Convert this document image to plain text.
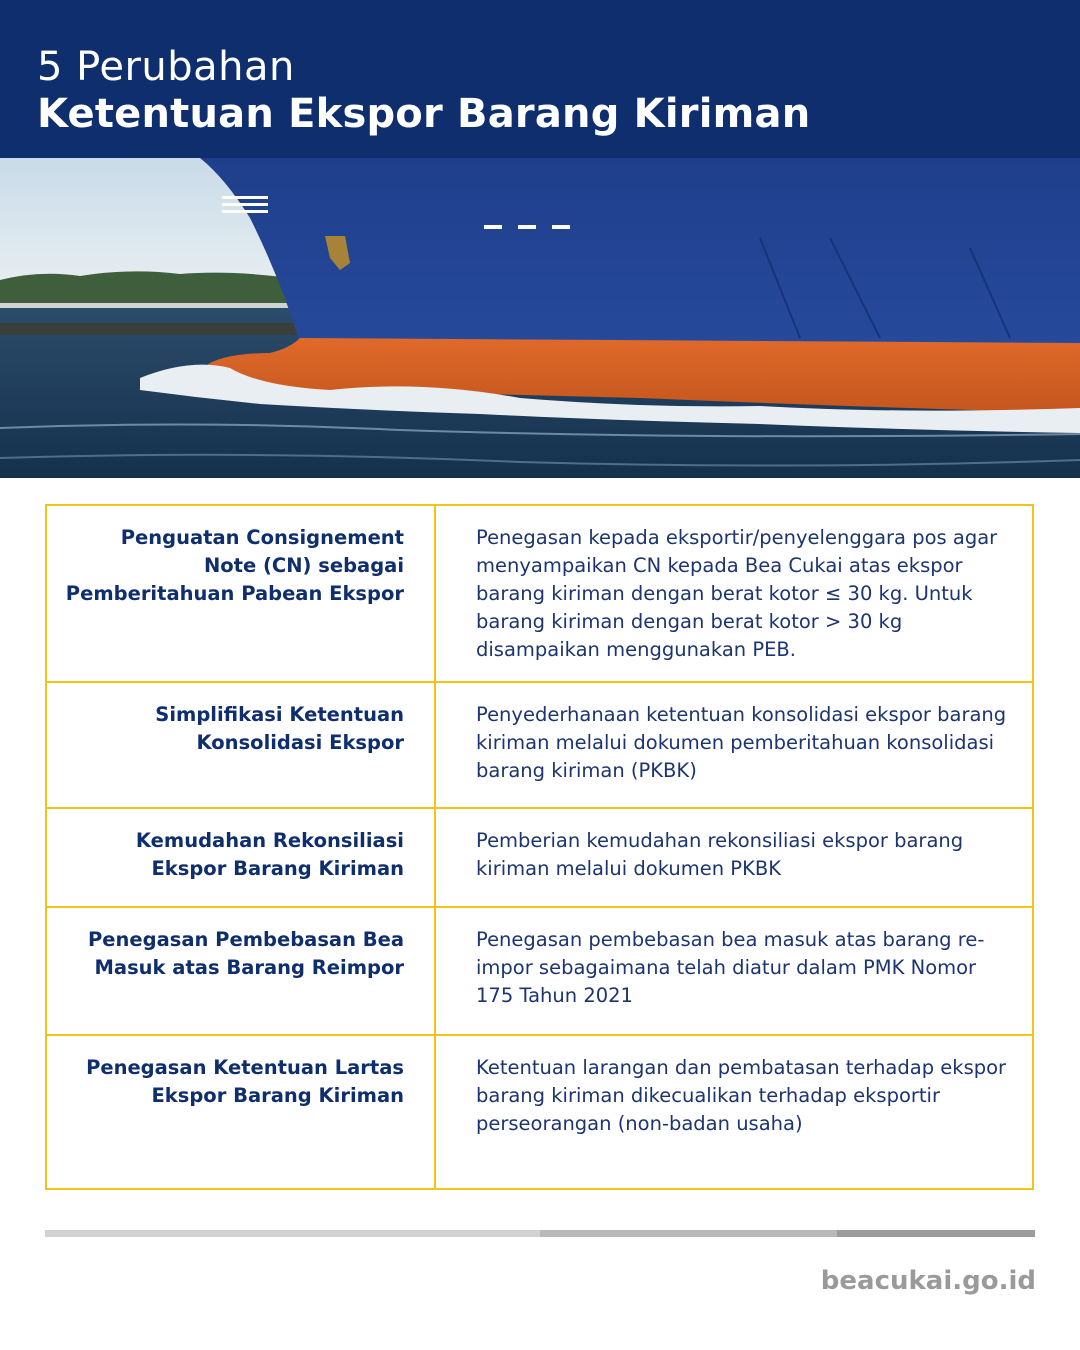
5 Perubahan
Ketentuan Ekspor Barang Kiriman
Penguatan Consignement Note (CN) sebagai Pemberitahuan Pabean Ekspor
Penegasan kepada eksportir/penyelenggara pos agar menyampaikan CN kepada Bea Cukai atas ekspor barang kiriman dengan berat kotor ≤ 30 kg. Untuk barang kiriman dengan berat kotor > 30 kg disampaikan menggunakan PEB.
Simplifikasi Ketentuan Konsolidasi Ekspor
Penyederhanaan ketentuan konsolidasi ekspor barang kiriman melalui dokumen pemberitahuan konsolidasi barang kiriman (PKBK)
Kemudahan Rekonsiliasi Ekspor Barang Kiriman
Pemberian kemudahan rekonsiliasi ekspor barang kiriman melalui dokumen PKBK
Penegasan Pembebasan Bea Masuk atas Barang Reimpor
Penegasan pembebasan bea masuk atas barang re-impor sebagaimana telah diatur dalam PMK Nomor 175 Tahun 2021
Penegasan Ketentuan Lartas Ekspor Barang Kiriman
Ketentuan larangan dan pembatasan terhadap ekspor barang kiriman dikecualikan terhadap eksportir perseorangan (non-badan usaha)
beacukai.go.id
